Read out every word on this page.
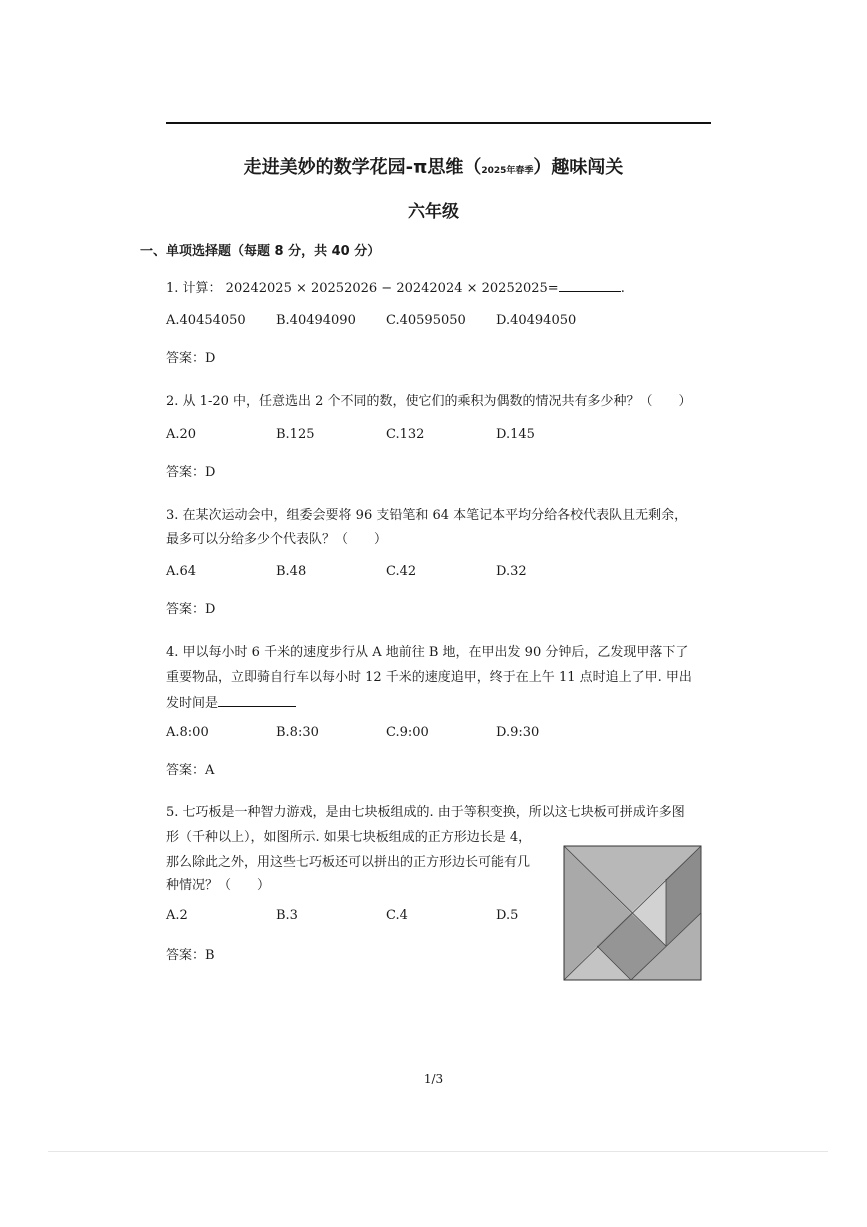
走进美妙的数学花园-π思维（2025年春季）趣味闯关
六年级
一、单项选择题（每题 8 分，共 40 分）
1. 计算： 20242025 × 20252026 − 20242024 × 20252025=	.
A.40454050 B.40494090 C.40595050 D.40494050
答案：D
2. 从 1-20 中，任意选出 2 个不同的数，使它们的乘积为偶数的情况共有多少种？（　　）
A.20	B.125	C.132	D.145
答案：D
3. 在某次运动会中，组委会要将 96 支铅笔和 64 本笔记本平均分给各校代表队且无剩余，
最多可以分给多少个代表队？（　　）
A.64	B.48	C.42	D.32
答案：D
4. 甲以每小时 6 千米的速度步行从 A 地前往 B 地，在甲出发 90 分钟后，乙发现甲落下了
重要物品，立即骑自行车以每小时 12 千米的速度追甲，终于在上午 11 点时追上了甲. 甲出
发时间是
A.8:00	B.8:30	C.9:00	D.9:30
答案：A
5. 七巧板是一种智力游戏，是由七块板组成的. 由于等积变换，所以这七块板可拼成许多图
形（千种以上），如图所示. 如果七块板组成的正方形边长是 4，
那么除此之外，用这些七巧板还可以拼出的正方形边长可能有几
种情况？（　　）
A.2	B.3	C.4	D.5
答案：B
1/3
